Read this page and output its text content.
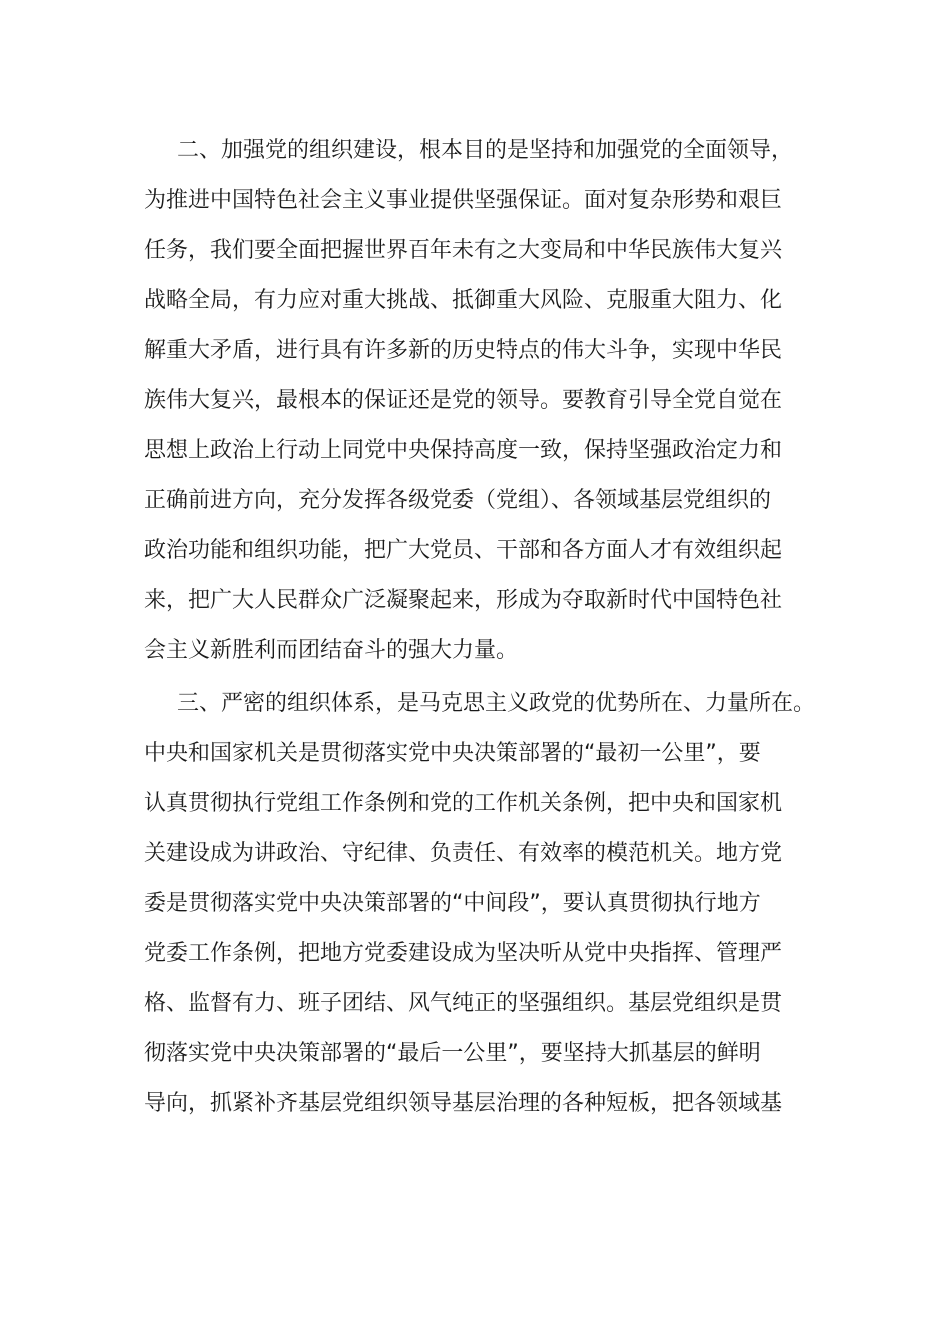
二、加强党的组织建设，根本目的是坚持和加强党的全面领导，
为推进中国特色社会主义事业提供坚强保证。面对复杂形势和艰巨
任务，我们要全面把握世界百年未有之大变局和中华民族伟大复兴
战略全局，有力应对重大挑战、抵御重大风险、克服重大阻力、化
解重大矛盾，进行具有许多新的历史特点的伟大斗争，实现中华民
族伟大复兴，最根本的保证还是党的领导。要教育引导全党自觉在
思想上政治上行动上同党中央保持高度一致，保持坚强政治定力和
正确前进方向，充分发挥各级党委（党组）、各领域基层党组织的
政治功能和组织功能，把广大党员、干部和各方面人才有效组织起
来，把广大人民群众广泛凝聚起来，形成为夺取新时代中国特色社
会主义新胜利而团结奋斗的强大力量。
三、严密的组织体系，是马克思主义政党的优势所在、力量所在。
中央和国家机关是贯彻落实党中央决策部署的“最初一公里”，要
认真贯彻执行党组工作条例和党的工作机关条例，把中央和国家机
关建设成为讲政治、守纪律、负责任、有效率的模范机关。地方党
委是贯彻落实党中央决策部署的“中间段”，要认真贯彻执行地方
党委工作条例，把地方党委建设成为坚决听从党中央指挥、管理严
格、监督有力、班子团结、风气纯正的坚强组织。基层党组织是贯
彻落实党中央决策部署的“最后一公里”，要坚持大抓基层的鲜明
导向，抓紧补齐基层党组织领导基层治理的各种短板，把各领域基
